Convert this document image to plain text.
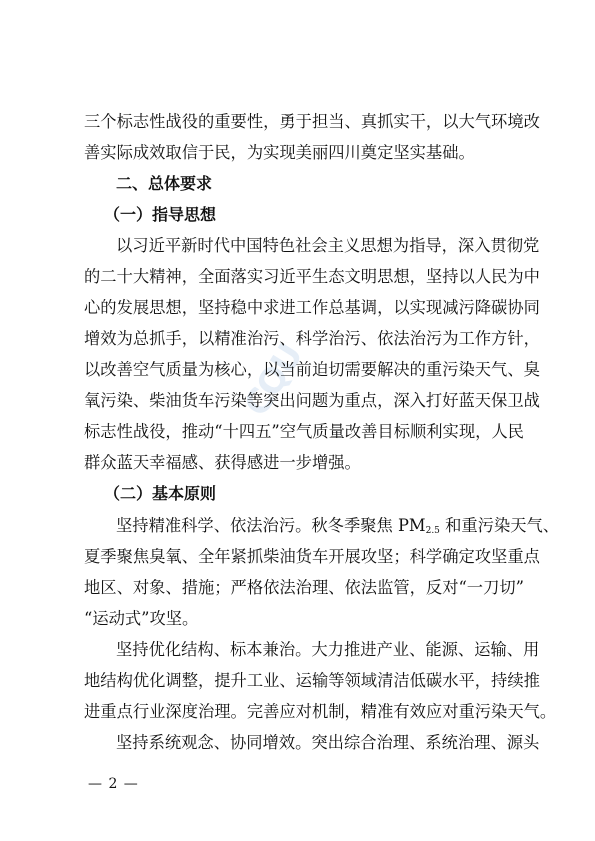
CQU
三个标志性战役的重要性，勇于担当、真抓实干，以大气环境改
善实际成效取信于民，为实现美丽四川奠定坚实基础。
二、总体要求
（一）指导思想
以习近平新时代中国特色社会主义思想为指导，深入贯彻党
的二十大精神，全面落实习近平生态文明思想，坚持以人民为中
心的发展思想，坚持稳中求进工作总基调，以实现减污降碳协同
增效为总抓手，以精准治污、科学治污、依法治污为工作方针，
以改善空气质量为核心，以当前迫切需要解决的重污染天气、臭
氧污染、柴油货车污染等突出问题为重点，深入打好蓝天保卫战
标志性战役，推动“十四五”空气质量改善目标顺利实现，人民
群众蓝天幸福感、获得感进一步增强。
（二）基本原则
坚持精准科学、依法治污。秋冬季聚焦 $PM_{2.5}$ 和重污染天气、
夏季聚焦臭氧、全年紧抓柴油货车开展攻坚；科学确定攻坚重点
地区、对象、措施；严格依法治理、依法监管，反对“一刀切”
“运动式”攻坚。
坚持优化结构、标本兼治。大力推进产业、能源、运输、用
地结构优化调整，提升工业、运输等领域清洁低碳水平，持续推
— 2 —
进重点行业深度治理。完善应对机制，精准有效应对重污染天气。
坚持系统观念、协同增效。突出综合治理、系统治理、源头
